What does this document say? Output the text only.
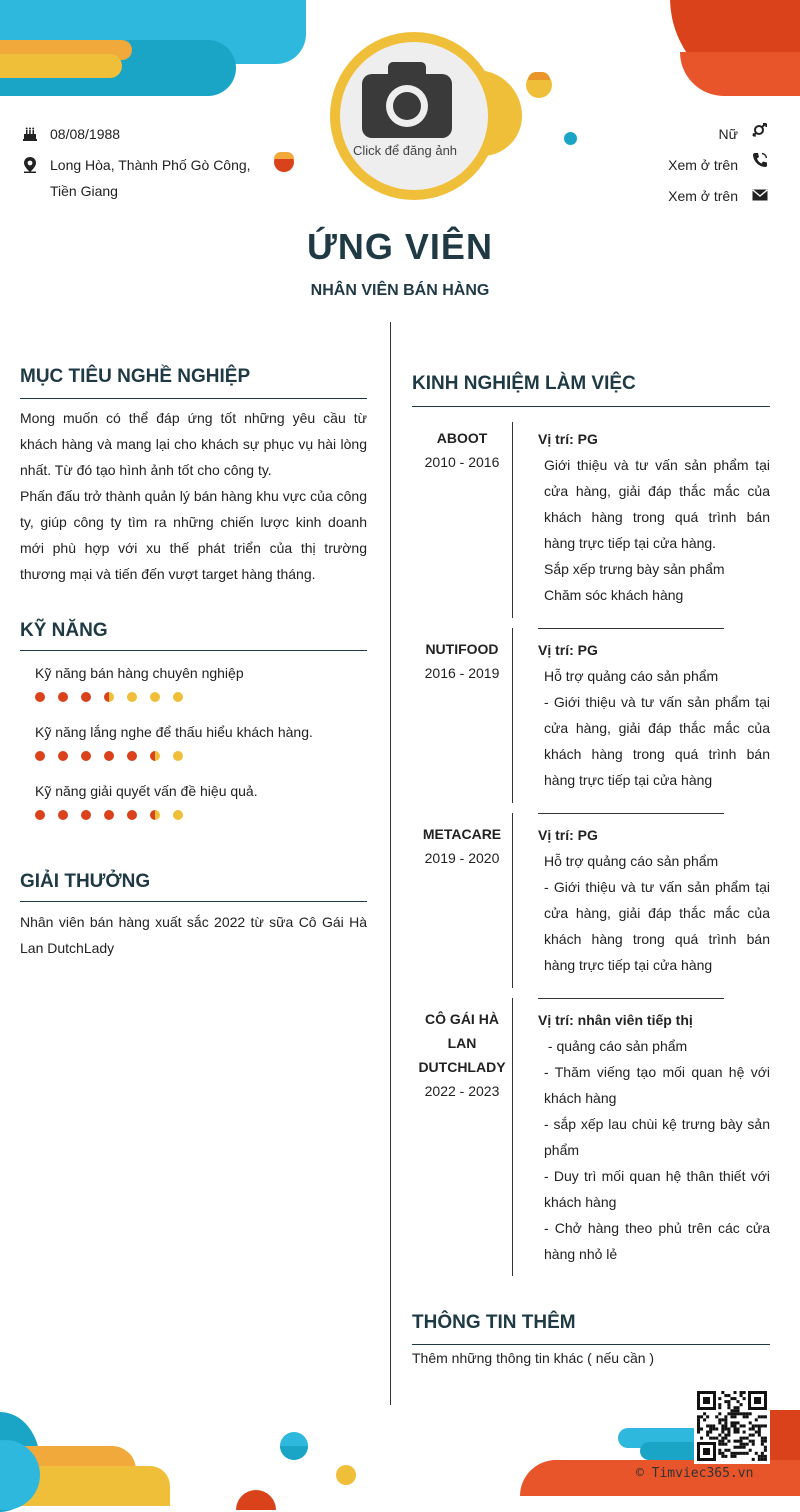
Click để đăng ảnh
08/08/1988
Long Hòa, Thành Phố Gò Công,
Tiền Giang
Nữ
Xem ở trên
Xem ở trên
ỨNG VIÊN
NHÂN VIÊN BÁN HÀNG
MỤC TIÊU NGHỀ NGHIỆP

Mong muốn có thể đáp ứng tốt những yêu cầu từ khách hàng và mang lại cho khách sự phục vụ hài lòng nhất. Từ đó tạo hình ảnh tốt cho công ty.

Phấn đấu trở thành quản lý bán hàng khu vực của công ty, giúp công ty tìm ra những chiến lược kinh doanh mới phù hợp với xu thế phát triển của thị trường thương mại và tiến đến vượt target hàng tháng.

KỸ NĂNG
Kỹ năng bán hàng chuyên nghiệp
Kỹ năng lắng nghe để thấu hiểu khách hàng.
Kỹ năng giải quyết vấn đề hiệu quả.
GIẢI THƯỞNG

Nhân viên bán hàng xuất sắc 2022 từ sữa Cô Gái Hà Lan DutchLady

KINH NGHIỆM LÀM VIỆC
ABOOT
2010 - 2016
Vị trí: PG
Giới thiệu và tư vấn sản phẩm tại cửa hàng, giải đáp thắc mắc của khách hàng trong quá trình bán hàng trực tiếp tại cửa hàng.
Sắp xếp trưng bày sản phẩm
Chăm sóc khách hàng
NUTIFOOD
2016 - 2019
Vị trí: PG
Hỗ trợ quảng cáo sản phẩm
- Giới thiệu và tư vấn sản phẩm tại cửa hàng, giải đáp thắc mắc của khách hàng trong quá trình bán hàng trực tiếp tại cửa hàng
METACARE
2019 - 2020
Vị trí: PG
Hỗ trợ quảng cáo sản phẩm
- Giới thiệu và tư vấn sản phẩm tại cửa hàng, giải đáp thắc mắc của khách hàng trong quá trình bán hàng trực tiếp tại cửa hàng
CÔ GÁI HÀ
LAN
DUTCHLADY
2022 - 2023
Vị trí: nhân viên tiếp thị
- quảng cáo sản phẩm
- Thăm viếng tạo mối quan hệ với khách hàng
- sắp xếp lau chùi kệ trưng bày sản phẩm
- Duy trì mối quan hệ thân thiết với khách hàng
- Chở hàng theo phủ trên các cửa hàng nhỏ lẻ
THÔNG TIN THÊM
Thêm những thông tin khác ( nếu cần )
© Timviec365.vn
